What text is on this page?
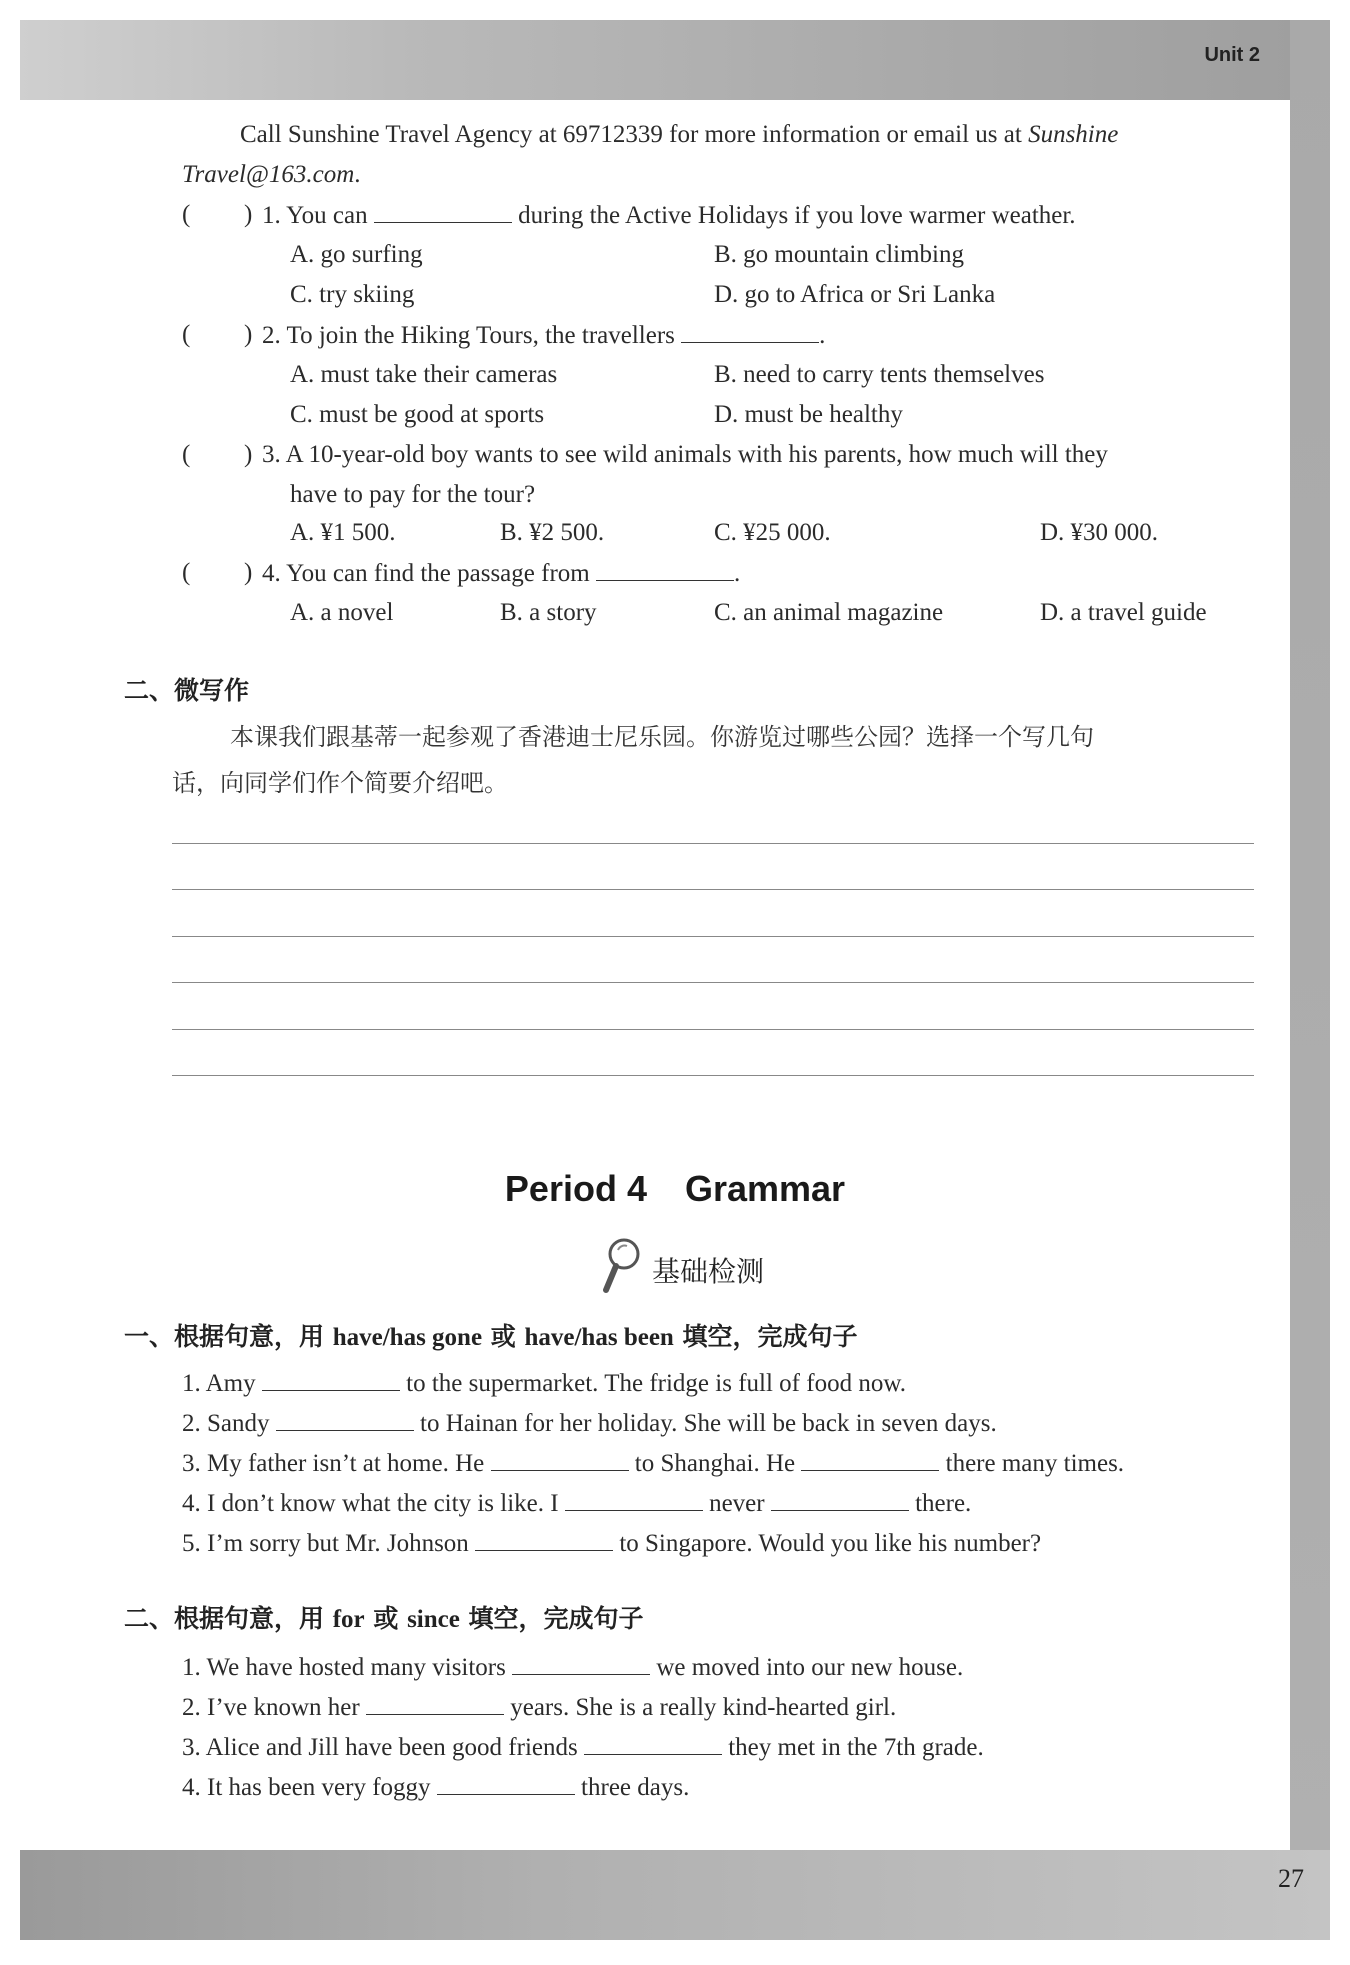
Unit 2
27
Call Sunshine Travel Agency at 69712339 for more information or email us at Sunshine
Travel@163.com.
( ) 1. You can	during the Active Holidays if you love warmer weather.
A. go surfing	B. go mountain climbing
C. try skiing	D. go to Africa or Sri Lanka
( ) 2. To join the Hiking Tours, the travellers	.
A. must take their cameras	B. need to carry tents themselves
C. must be good at sports	D. must be healthy
( ) 3. A 10-year-old boy wants to see wild animals with his parents, how much will they
have to pay for the tour?
A. ¥1 500.	B. ¥2 500.	C. ¥25 000.	D. ¥30 000.
( ) 4. You can find the passage from	.
A. a novel	B. a story	C. an animal magazine	D. a travel guide
二、微写作
本课我们跟基蒂一起参观了香港迪士尼乐园。你游览过哪些公园？选择一个写几句
话，向同学们作个简要介绍吧。
Period 4 Grammar
基础检测
一、根据句意，用 have/has gone 或 have/has been 填空，完成句子
1. Amy	to the supermarket. The fridge is full of food now.
2. Sandy	to Hainan for her holiday. She will be back in seven days.
3. My father isn’t at home. He	to Shanghai. He	there many times.
4. I don’t know what the city is like. I	never	there.
5. I’m sorry but Mr. Johnson	to Singapore. Would you like his number?
二、根据句意，用 for 或 since 填空，完成句子
1. We have hosted many visitors	we moved into our new house.
2. I’ve known her	years. She is a really kind-hearted girl.
3. Alice and Jill have been good friends	they met in the 7th grade.
4. It has been very foggy	three days.
